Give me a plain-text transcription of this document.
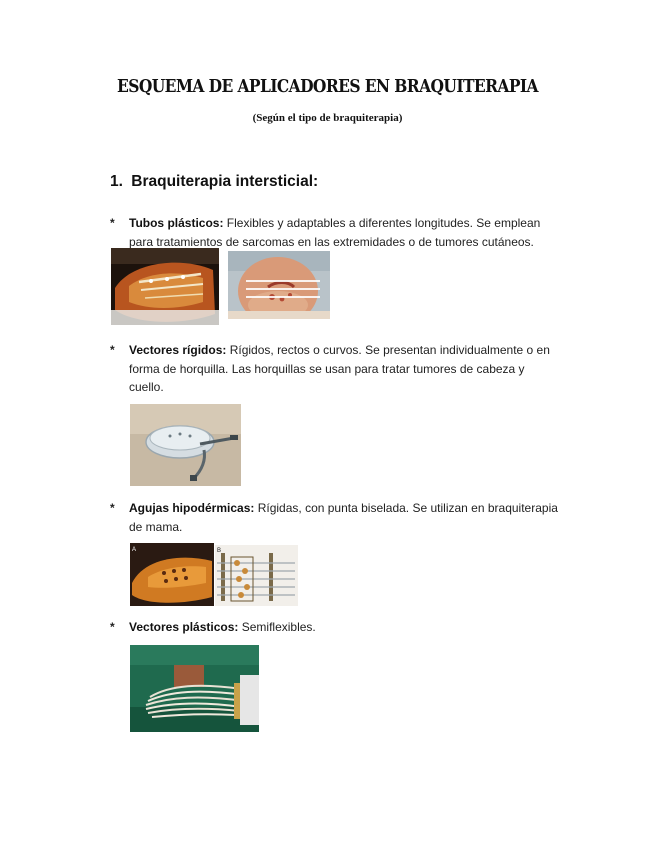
ESQUEMA DE APLICADORES EN BRAQUITERAPIA
(Según el tipo de braquiterapia)
1. Braquiterapia intersticial:
*	Tubos plásticos: Flexibles y adaptables a diferentes longitudes. Se emplean para tratamientos de sarcomas en las extremidades o de tumores cutáneos.
*	Vectores rígidos: Rígidos, rectos o curvos. Se presentan individualmente o en forma de horquilla. Las horquillas se usan para tratar tumores de cabeza y cuello.
*	Agujas hipodérmicas: Rígidas, con punta biselada. Se utilizan en braquiterapia de mama.
A	B
*	Vectores plásticos: Semiflexibles.
